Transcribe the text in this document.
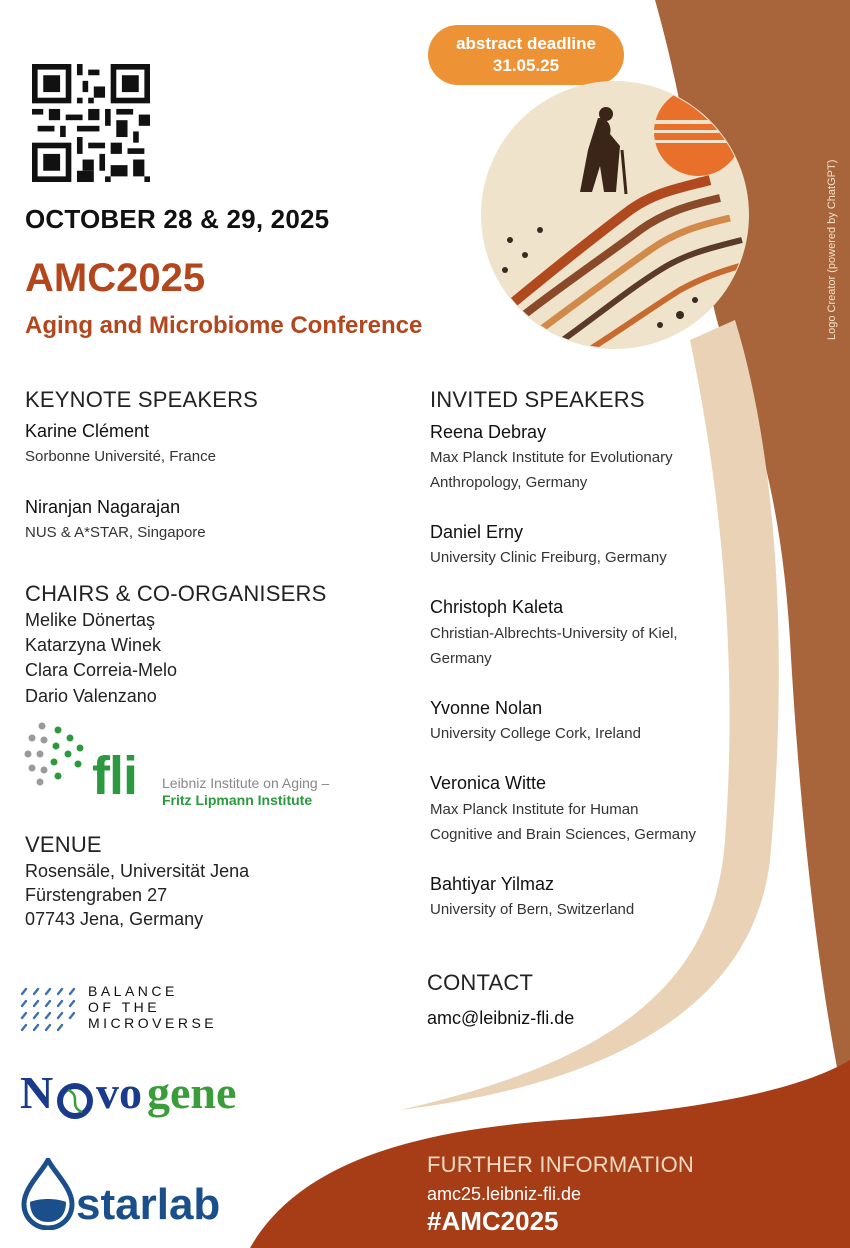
abstract deadline
31.05.25
Logo Creator (powered by ChatGPT)
OCTOBER 28 & 29, 2025
AMC2025
Aging and Microbiome Conference
KEYNOTE SPEAKERS
Karine Clément
Sorbonne Université, France
Niranjan Nagarajan
NUS & A*STAR, Singapore
CHAIRS & CO-ORGANISERS
Melike Dönertaş
Katarzyna Winek
Clara Correia-Melo
Dario Valenzano
fli Leibniz Institute on Aging –
Fritz Lipmann Institute
VENUE
Rosensäle, Universität Jena
Fürstengraben 27
07743 Jena, Germany
INVITED SPEAKERS
Reena Debray
Max Planck Institute for Evolutionary
Anthropology, Germany
Daniel Erny
University Clinic Freiburg, Germany
Christoph Kaleta
Christian-Albrechts-University of Kiel,
Germany
Yvonne Nolan
University College Cork, Ireland
Veronica Witte
Max Planck Institute for Human
Cognitive and Brain Sciences, Germany
Bahtiyar Yilmaz
University of Bern, Switzerland
CONTACT
amc@leibniz-fli.de
BALANCE
OF THE
MICROVERSE
N vo gene
starlab
FURTHER INFORMATION
amc25.leibniz-fli.de
#AMC2025
